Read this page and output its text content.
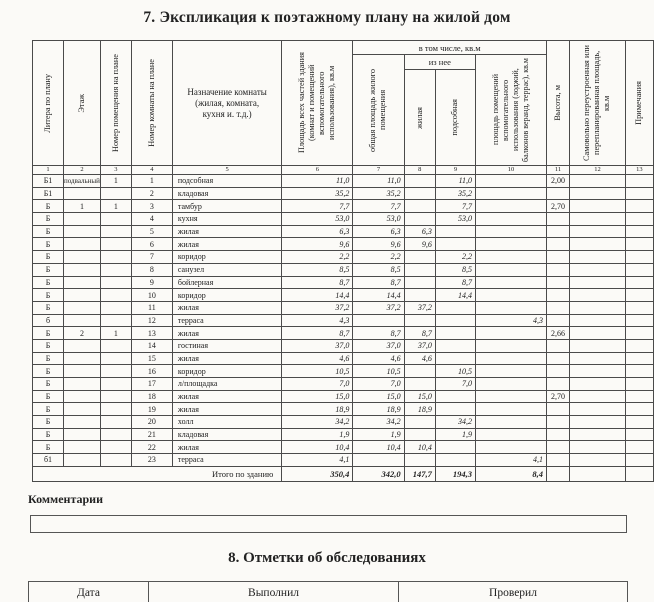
7. Экспликация к поэтажному плану на жилой дом
Литера по плану	Этаж	Номер помещения на плане	Номер комнаты на плане	Назначение комнаты (жилая, комната, кухня и. т.д.)	Площадь всех частей здания (комнат и помещений вспомогательного использования), кв.м	в том числе, кв.м				Высота, м	Самовольно переустроенная или перепланированная площадь, кв.м	Примечания

						общая площадь жилого помещения	из нее		площадь помещений вспомогательного использования (лоджий, балконов веранд, террас), кв.м			

							жилая	подсобная				

1	2	3	4	5	6	7	8	9	10	11	12	13
Б1	подвальный	1	1	подсобная	11,0	11,0		11,0		2,00		
Б1			2	кладовая	35,2	35,2		35,2				
Б	1	1	3	тамбур	7,7	7,7		7,7		2,70		
Б			4	кухня	53,0	53,0		53,0				
Б			5	жилая	6,3	6,3	6,3					
Б			6	жилая	9,6	9,6	9,6					
Б			7	коридор	2,2	2,2		2,2				
Б			8	санузел	8,5	8,5		8,5				
Б			9	бойлерная	8,7	8,7		8,7				
Б			10	коридор	14,4	14,4		14,4				
Б			11	жилая	37,2	37,2	37,2					
б			12	терраса	4,3				4,3			
Б	2	1	13	жилая	8,7	8,7	8,7			2,66		
Б			14	гостиная	37,0	37,0	37,0					
Б			15	жилая	4,6	4,6	4,6					
Б			16	коридор	10,5	10,5		10,5				
Б			17	л/площадка	7,0	7,0		7,0				
Б			18	жилая	15,0	15,0	15,0			2,70		
Б			19	жилая	18,9	18,9	18,9					
Б			20	холл	34,2	34,2		34,2				
Б			21	кладовая	1,9	1,9		1,9				
Б			22	жилая	10,4	10,4	10,4					
б1			23	терраса	4,1				4,1			
Итого по зданию					350,4	342,0	147,7	194,3	8,4			
Комментарии
8. Отметки об обследованиях
Дата	Выполнил	Проверил
